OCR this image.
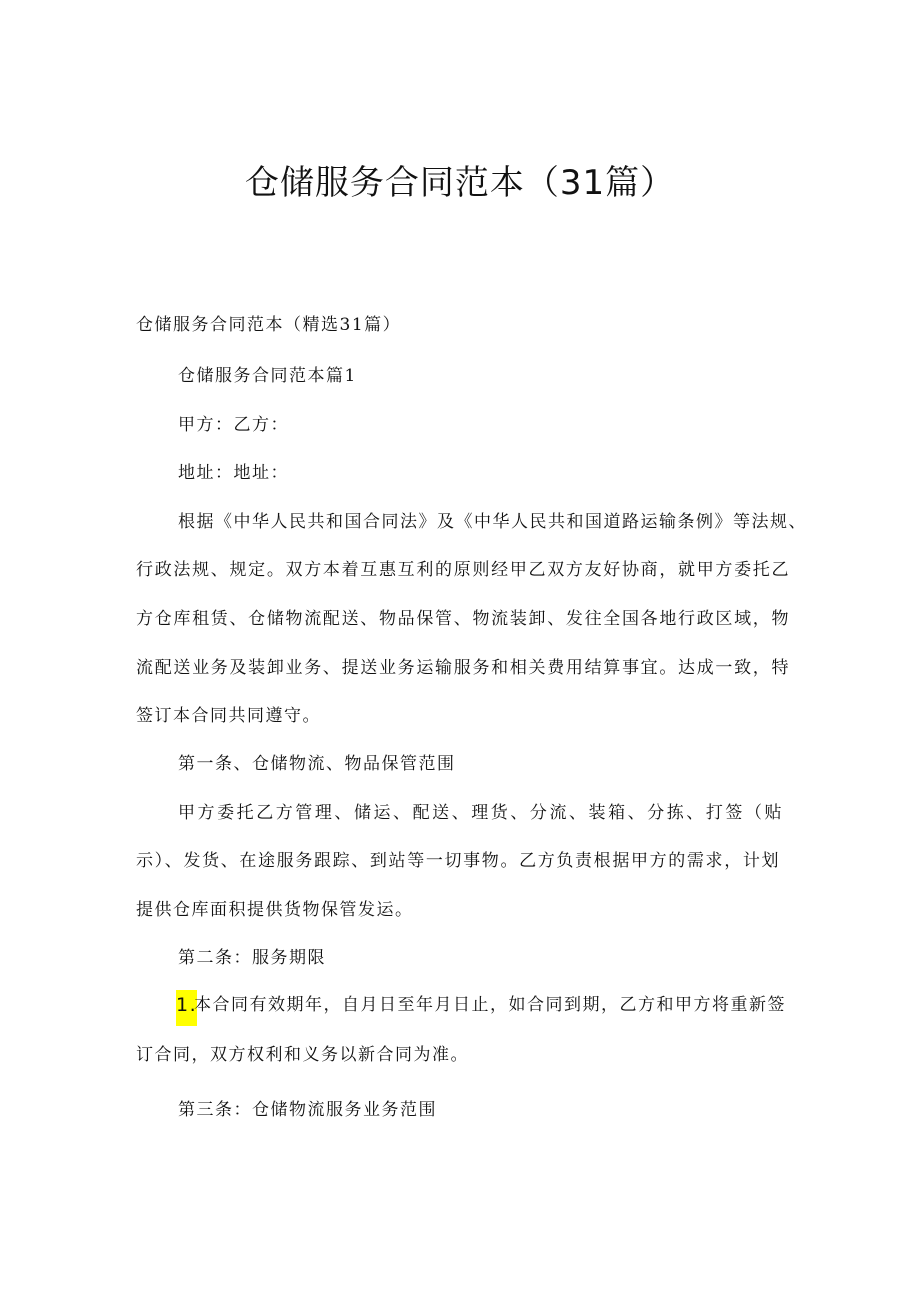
仓储服务合同范本（31篇）
仓储服务合同范本（精选31篇）
仓储服务合同范本篇1
甲方：乙方：
地址：地址：
根据《中华人民共和国合同法》及《中华人民共和国道路运输条例》等法规、
行政法规、规定。双方本着互惠互利的原则经甲乙双方友好协商，就甲方委托乙
方仓库租赁、仓储物流配送、物品保管、物流装卸、发往全国各地行政区域，物
流配送业务及装卸业务、提送业务运输服务和相关费用结算事宜。达成一致，特
签订本合同共同遵守。
第一条、仓储物流、物品保管范围
甲方委托乙方管理、储运、配送、理货、分流、装箱、分拣、打签（贴
示）、发货、在途服务跟踪、到站等一切事物。乙方负责根据甲方的需求，计划
提供仓库面积提供货物保管发运。
第二条：服务期限
1.
本合同有效期年，自月日至年月日止，如合同到期，乙方和甲方将重新签
订合同，双方权利和义务以新合同为准。
第三条：仓储物流服务业务范围
